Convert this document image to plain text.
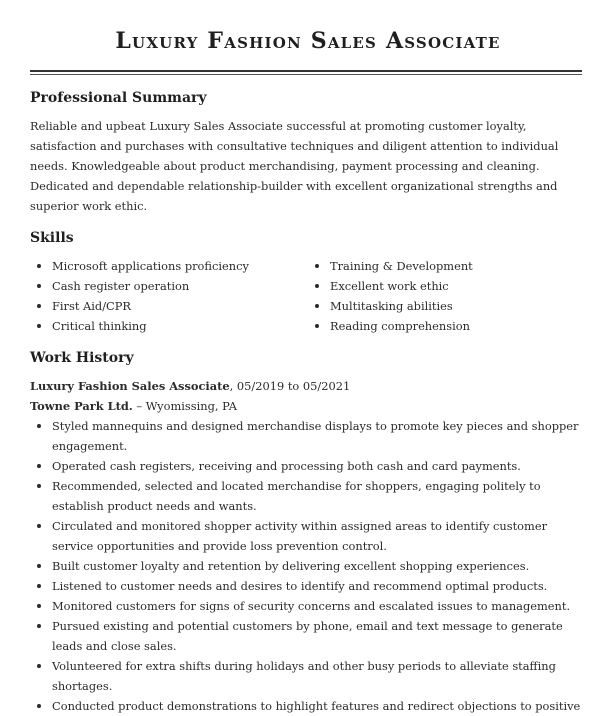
Luxury Fashion Sales Associate
Professional Summary

Reliable and upbeat Luxury Sales Associate successful at promoting customer loyalty, satisfaction and purchases with consultative techniques and diligent attention to individual needs. Knowledgeable about product merchandising, payment processing and cleaning. Dedicated and dependable relationship-builder with excellent organizational strengths and superior work ethic.

Skills
Microsoft applications proficiency
Cash register operation
First Aid/CPR
Critical thinking
Training & Development
Excellent work ethic
Multitasking abilities
Reading comprehension
Work History
Luxury Fashion Sales Associate, 05/2019 to 05/2021
Towne Park Ltd. – Wyomissing, PA
Styled mannequins and designed merchandise displays to promote key pieces and shopper engagement.
Operated cash registers, receiving and processing both cash and card payments.
Recommended, selected and located merchandise for shoppers, engaging politely to establish product needs and wants.
Circulated and monitored shopper activity within assigned areas to identify customer service opportunities and provide loss prevention control.
Built customer loyalty and retention by delivering excellent shopping experiences.
Listened to customer needs and desires to identify and recommend optimal products.
Monitored customers for signs of security concerns and escalated issues to management.
Pursued existing and potential customers by phone, email and text message to generate leads and close sales.
Volunteered for extra shifts during holidays and other busy periods to alleviate staffing shortages.
Conducted product demonstrations to highlight features and redirect objections to positive
